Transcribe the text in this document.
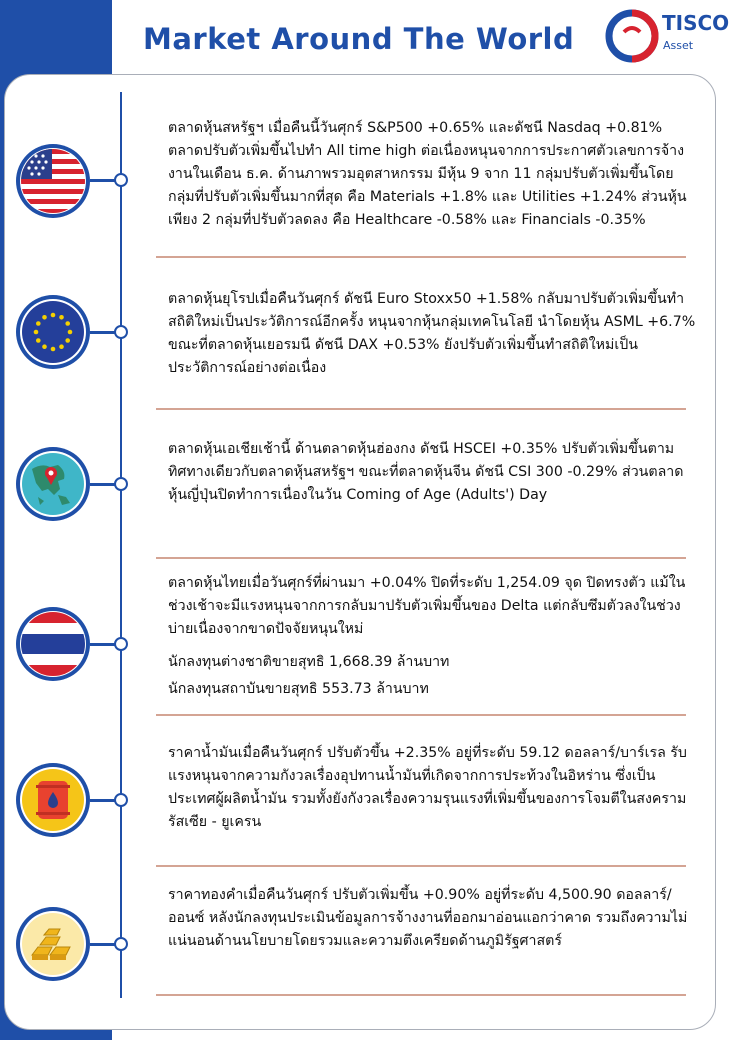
Market Around The World	TISCO
Asset

ตลาดหุ้นสหรัฐฯ เมื่อคืนนี้วันศุกร์ S&P500 +0.65% และดัชนี Nasdaq +0.81% ตลาดปรับตัวเพิ่มขึ้นไปทำ All time high ต่อเนื่องหนุนจากการประกาศตัวเลขการจ้างงานในเดือน ธ.ค. ด้านภาพรวมอุตสาหกรรม มีหุ้น 9 จาก 11 กลุ่มปรับตัวเพิ่มขึ้นโดยกลุ่มที่ปรับตัวเพิ่มขึ้นมากที่สุด คือ Materials +1.8% และ Utilities +1.24% ส่วนหุ้นเพียง 2 กลุ่มที่ปรับตัวลดลง คือ Healthcare -0.58% และ Financials -0.35%

ตลาดหุ้นยุโรปเมื่อคืนวันศุกร์ ดัชนี Euro Stoxx50 +1.58% กลับมาปรับตัวเพิ่มขึ้นทำสถิติใหม่เป็นประวัติการณ์อีกครั้ง หนุนจากหุ้นกลุ่มเทคโนโลยี นำโดยหุ้น ASML +6.7% ขณะที่ตลาดหุ้นเยอรมนี ดัชนี DAX +0.53% ยังปรับตัวเพิ่มขึ้นทำสถิติใหม่เป็นประวัติการณ์อย่างต่อเนื่อง

ตลาดหุ้นเอเชียเช้านี้ ด้านตลาดหุ้นฮ่องกง ดัชนี HSCEI +0.35% ปรับตัวเพิ่มขึ้นตามทิศทางเดียวกับตลาดหุ้นสหรัฐฯ ขณะที่ตลาดหุ้นจีน ดัชนี CSI 300 -0.29% ส่วนตลาดหุ้นญี่ปุ่นปิดทำการเนื่องในวัน Coming of Age (Adults') Day

ตลาดหุ้นไทยเมื่อวันศุกร์ที่ผ่านมา +0.04% ปิดที่ระดับ 1,254.09 จุด ปิดทรงตัว แม้ในช่วงเช้าจะมีแรงหนุนจากการกลับมาปรับตัวเพิ่มขึ้นของ Delta แต่กลับซึมตัวลงในช่วงบ่ายเนื่องจากขาดปัจจัยหนุนใหม่

นักลงทุนต่างชาติขายสุทธิ 1,668.39 ล้านบาท

นักลงทุนสถาบันขายสุทธิ 553.73 ล้านบาท

ราคาน้ำมันเมื่อคืนวันศุกร์ ปรับตัวขึ้น +2.35% อยู่ที่ระดับ 59.12 ดอลลาร์/บาร์เรล รับแรงหนุนจากความกังวลเรื่องอุปทานน้ำมันที่เกิดจากการประท้วงในอิหร่าน ซึ่งเป็นประเทศผู้ผลิตน้ำมัน รวมทั้งยังกังวลเรื่องความรุนแรงที่เพิ่มขึ้นของการโจมตีในสงครามรัสเซีย - ยูเครน

ราคาทองคำเมื่อคืนวันศุกร์ ปรับตัวเพิ่มขึ้น +0.90% อยู่ที่ระดับ 4,500.90 ดอลลาร์/ออนซ์ หลังนักลงทุนประเมินข้อมูลการจ้างงานที่ออกมาอ่อนแอกว่าคาด รวมถึงความไม่แน่นอนด้านนโยบายโดยรวมและความตึงเครียดด้านภูมิรัฐศาสตร์
